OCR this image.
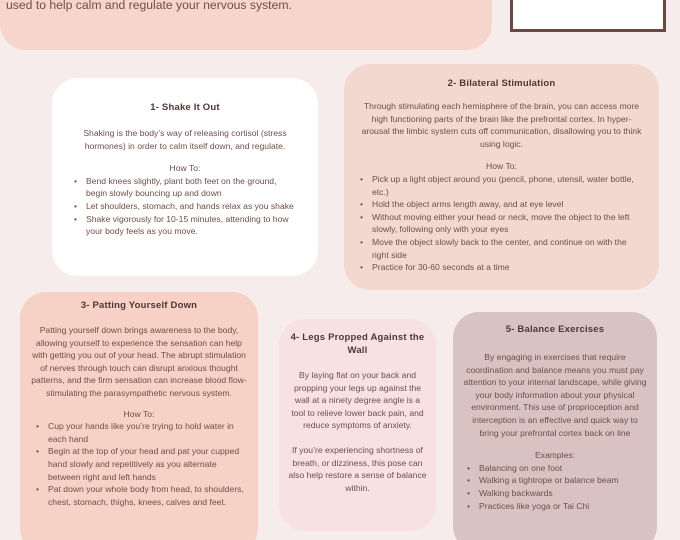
used to help calm and regulate your nervous system.

1- Shake It Out

Shaking is the body’s way of releasing cortisol (stress hormones) in order to calm itself down, and regulate.

How To:

• Bend knees slightly, plant both feet on the ground, begin slowly bouncing up and down
• Let shoulders, stomach, and hands relax as you shake
• Shake vigorously for 10-15 minutes, attending to how your body feels as you move.
2- Bilateral Stimulation

Through stimulating each hemisphere of the brain, you can access more high functioning parts of the brain like the prefrontal cortex. In hyper-arousal the limbic system cuts off communication, disallowing you to think using logic.

How To:

• Pick up a light object around you (pencil, phone, utensil, water bottle, etc.)
• Hold the object arms length away, and at eye level
• Without moving either your head or neck, move the object to the left slowly, following only with your eyes
• Move the object slowly back to the center, and continue on with the right side
• Practice for 30-60 seconds at a time
3- Patting Yourself Down

Patting yourself down brings awareness to the body, allowing yourself to experience the sensation can help with getting you out of your head. The abrupt stimulation of nerves through touch can disrupt anxious thought patterns, and the firm sensation can increase blood flow- stimulating the parasympathetic nervous system.

How To:

• Cup your hands like you’re trying to hold water in each hand
• Begin at the top of your head and pat your cupped hand slowly and repetitively as you alternate between right and left hands
• Pat down your whole body from head, to shoulders, chest, stomach, thighs, knees, calves and feet.
4- Legs Propped Against the Wall

By laying flat on your back and propping your legs up against the wall at a ninety degree angle is a tool to relieve lower back pain, and reduce symptoms of anxiety.

If you’re experiencing shortness of breath, or dizziness, this pose can also help restore a sense of balance within.

5- Balance Exercises

By engaging in exercises that require coordination and balance means you must pay attention to your internal landscape, while giving your body information about your physical environment. This use of proprioception and interception is an effective and quick way to bring your prefrontal cortex back on line

Examples:

• Balancing on one foot
• Walking a tightrope or balance beam
• Walking backwards
• Practices like yoga or Tai Chi
